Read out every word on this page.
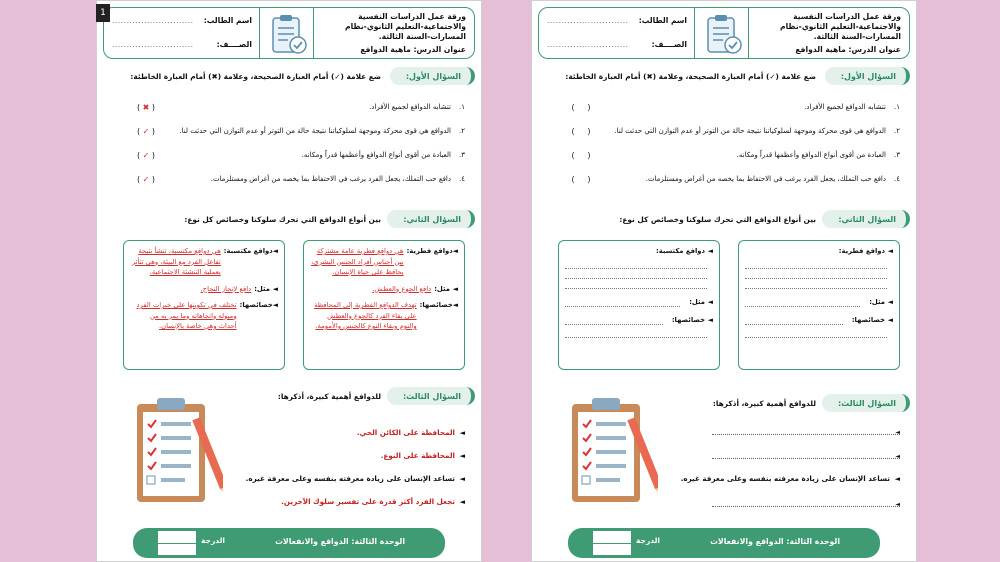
1	ورقة عمل الدراسات النفسية والاجتماعية-التعليم الثانوي-نظام المسارات-السنة الثالثة.
عنوان الدرس: ماهية الدوافع
اسم الطالب:
............................
الصــــف:
............................
السؤال الأول:
ضع علامة (✓) أمام العبارة الصحيحة، وعلامة (✖) أمام العبارة الخاطئة:
١.
تتشابه الدوافع لجميع الأفراد.
( ✖ )
٢.
الدوافع هي قوى محركة وموجهة لسلوكياتنا نتيجة حالة من التوتر أو عدم التوازن التي حدثت لنا.
( ✓ )
٣.
العبادة من أقوى أنواع الدوافع وأعظمها قدراً ومكانه.
( ✓ )
٤.
دافع حب التملك، يجعل الفرد يرغب في الاحتفاظ بما يخصه من أغراض ومستلزمات.
( ✓ )
السؤال الثاني:
بين أنواع الدوافع التي تحرك سلوكنا وخصائص كل نوع:
◄
دوافع فطرية:
هي دوافع فطرية عامة مشتركة بين أجناس أفراد الجنس البشري، يحافظ على حياة الإنسان.
◄
مثل:
دافع الجوع والعطش.
◄
خصائصها:
تهدف الدوافع الفطرية إلى المحافظة على بقاء الفرد كالجوع والعطش والنوم وبقاء النوع كالجنس والأمومة.
◄
دوافع مكتسبة:
هي دوافع مكتسبة، تنشأ نتيجة تفاعل الفرد مع البيئة، وهي تتأثر بعملية التنشئة الاجتماعية.
◄
مثل:
دافع لإنجاز النجاح.
◄
خصائصها:
تختلف في تكوينها على خبرات الفرد وميوله واتجاهاته وما يمر به من أحداث وهي خاصة بالإنسان.
السؤال الثالث:
للدوافع أهمية كبيرة، أذكرها:
◄
المحافظة على الكائن الحي.
◄
المحافظة على النوع.
◄
تساعد الإنسان على زيادة معرفته بنفسه وعلى معرفة غيره.
◄
تجعل الفرد أكثر قدرة على تفسير سلوك الآخرين.
الوحدة الثالثة: الدوافع والانفعالات
الدرجة
ورقة عمل الدراسات النفسية والاجتماعية-التعليم الثانوي-نظام المسارات-السنة الثالثة.
عنوان الدرس: ماهية الدوافع
اسم الطالب:
............................
الصــــف:
............................
السؤال الأول:
ضع علامة (✓) أمام العبارة الصحيحة، وعلامة (✖) أمام العبارة الخاطئة:
١.
تتشابه الدوافع لجميع الأفراد.
(     )
٢.
الدوافع هي قوى محركة وموجهة لسلوكياتنا نتيجة حالة من التوتر أو عدم التوازن التي حدثت لنا.
(     )
٣.
العبادة من أقوى أنواع الدوافع وأعظمها قدراً ومكانه.
(     )
٤.
دافع حب التملك، يجعل الفرد يرغب في الاحتفاظ بما يخصه من أغراض ومستلزمات.
(     )
السؤال الثاني:
بين أنواع الدوافع التي تحرك سلوكنا وخصائص كل نوع:
◄
دوافع فطرية:
◄
مثل:
◄
خصائصها:
◄
دوافع مكتسبة:
◄
مثل:
◄
خصائصها:
السؤال الثالث:
للدوافع أهمية كبيرة، أذكرها:
◄
◄
◄
تساعد الإنسان على زيادة معرفته بنفسه وعلى معرفة غيره.
◄
الوحدة الثالثة: الدوافع والانفعالات
الدرجة
